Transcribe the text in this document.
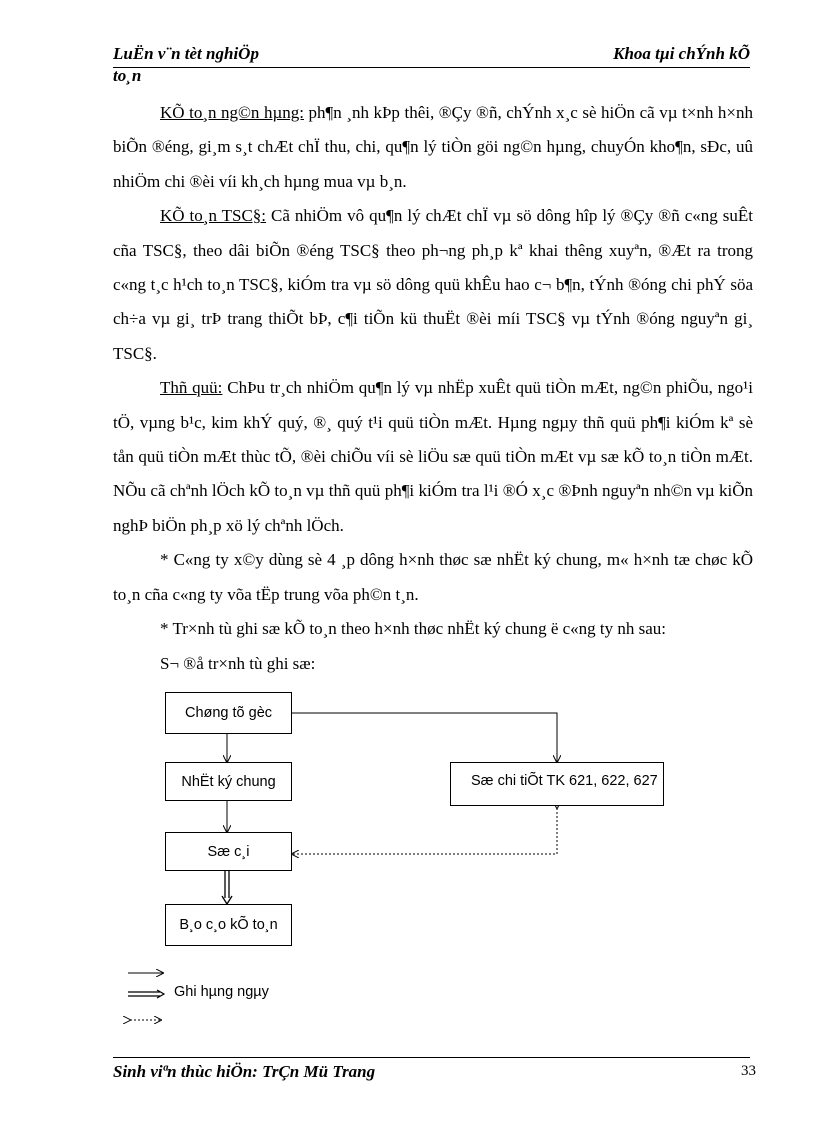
LuËn v¨n tèt nghiÖp	Khoa tµi chÝnh kÕ
to¸n

KÕ to¸n ng©n hµng: ph¶n ¸nh kÞp thêi, ®Çy ®ñ, chÝnh x¸c sè hiÖn cã vµ t×nh h×nh biÕn ®éng, gi¸m s¸t chÆt chÏ thu, chi, qu¶n lý tiÒn göi ng©n hµng, chuyÓn kho¶n, sÐc, uû nhiÖm chi ®èi víi kh¸ch hµng mua vµ b¸n.

KÕ to¸n TSC§: Cã nhiÖm vô qu¶n lý chÆt chÏ vµ sö dông hîp lý ®Çy ®ñ c«ng suÊt cña TSC§, theo dâi biÕn ®éng TSC§ theo ph¬ng ph¸p kª khai thêng xuyªn, ®Æt ra trong c«ng t¸c h¹ch to¸n TSC§, kiÓm tra vµ sö dông quü khÊu hao c¬ b¶n, tÝnh ®óng chi phÝ söa ch÷a vµ gi¸ trÞ trang thiÕt bÞ, c¶i tiÕn kü thuËt ®èi míi TSC§ vµ tÝnh ®óng nguyªn gi¸ TSC§.

Thñ quü: ChÞu tr¸ch nhiÖm qu¶n lý vµ nhËp xuÊt quü tiÒn mÆt, ng©n phiÕu, ngo¹i tÖ, vµng b¹c, kim khÝ quý, ®¸ quý t¹i quü tiÒn mÆt. Hµng ngµy thñ quü ph¶i kiÓm kª sè tån quü tiÒn mÆt thùc tÕ, ®èi chiÕu víi sè liÖu sæ quü tiÒn mÆt vµ sæ kÕ to¸n tiÒn mÆt. NÕu cã chªnh lÖch kÕ to¸n vµ thñ quü ph¶i kiÓm tra l¹i ®Ó x¸c ®Þnh nguyªn nh©n vµ kiÕn nghÞ biÖn ph¸p xö lý chªnh lÖch.

* C«ng ty x©y dùng sè 4 ¸p dông h×nh thøc sæ nhËt ký chung, m« h×nh tæ chøc kÕ to¸n cña c«ng ty võa tËp trung võa ph©n t¸n.

* Tr×nh tù ghi sæ kÕ to¸n theo h×nh thøc nhËt ký chung ë c«ng ty nh sau:

S¬ ®å tr×nh tù ghi sæ:

Chøng tõ gèc
NhËt ký chung	Sæ chi tiÕt TK 621, 622, 627
Sæ c¸i
B¸o c¸o kÕ to¸n
Ghi hµng ngµy
Sinh viªn thùc hiÖn: TrÇn Mü Trang	33
